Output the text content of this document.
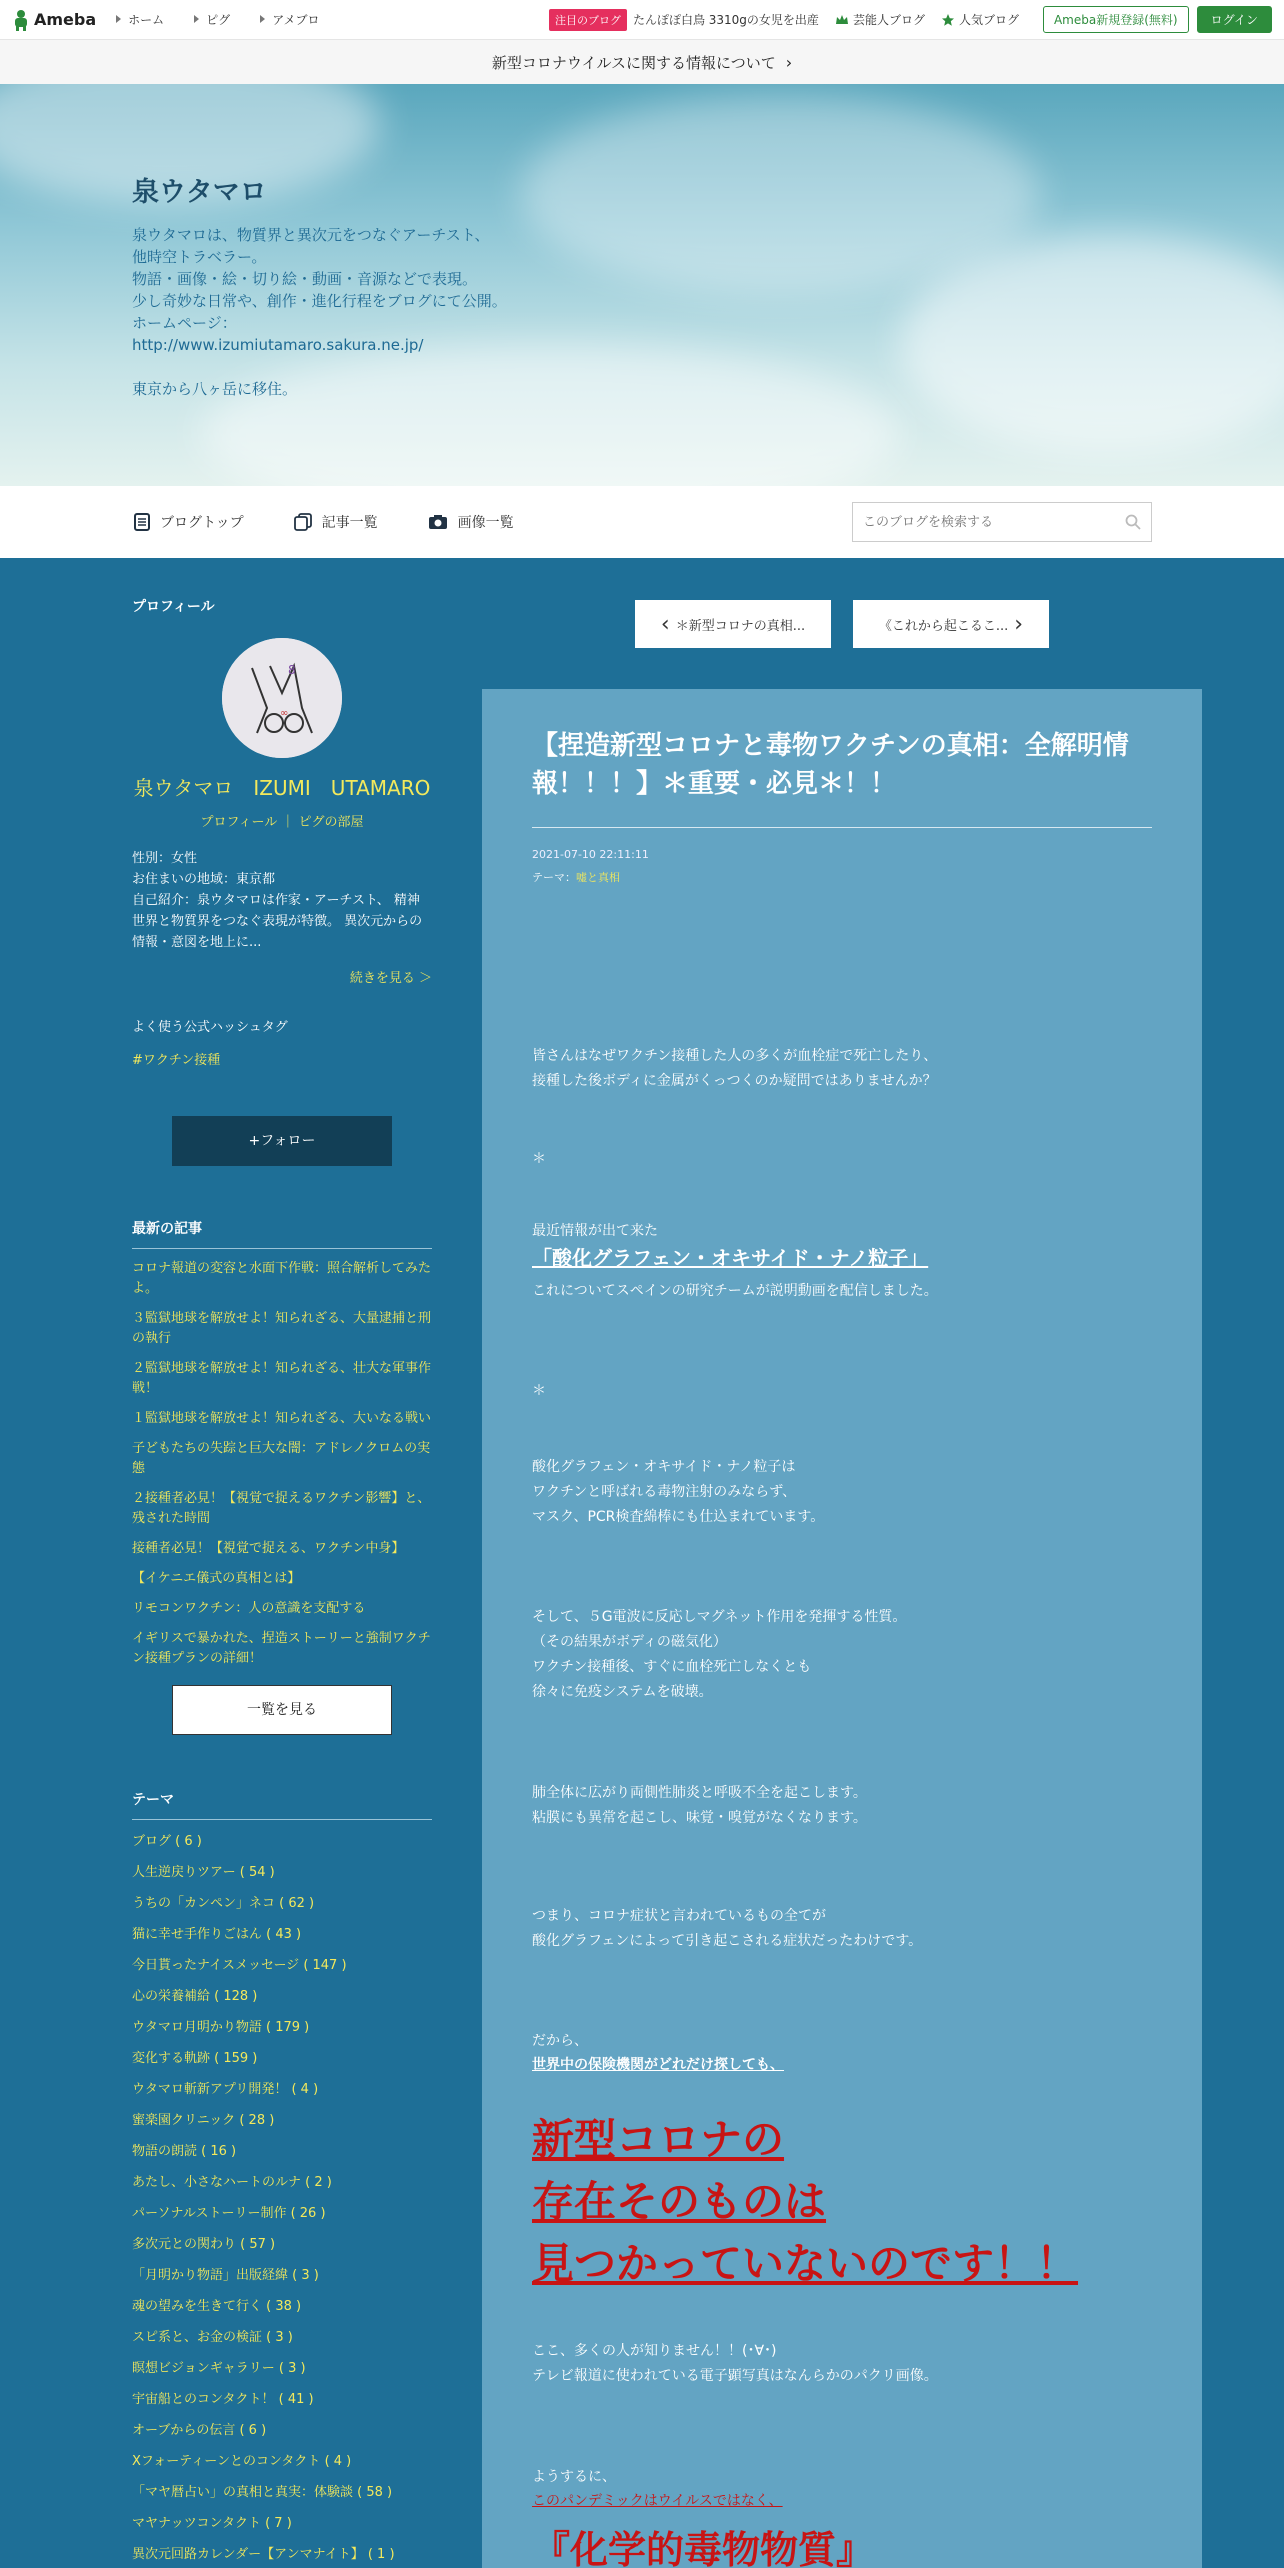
Ameba	ホーム	ピグ	アメブロ	注目のブログ	たんぽぽ白鳥 3310gの女児を出産	芸能人ブログ	人気ブログ	Ameba新規登録(無料)	ログイン
新型コロナウイルスに関する情報について ›
泉ウタマロ
泉ウタマロは、物質界と異次元をつなぐアーチスト、
他時空トラベラー。
物語・画像・絵・切り絵・動画・音源などで表現。
少し奇妙な日常や、創作・進化行程をブログにて公開。
ホームページ：
http://www.izumiutamaro.sakura.ne.jp/

東京から八ヶ岳に移住。
ブログトップ	記事一覧	画像一覧
このブログを検索する
プロフィール
8
∞
泉ウタマロ　IZUMI　UTAMARO
プロフィール ｜ ピグの部屋
性別：女性
お住まいの地域：東京都
自己紹介：泉ウタマロは作家・アーチスト、 精神世界と物質界をつなぐ表現が特徴。 異次元からの情報・意図を地上に...
続きを見る ＞
よく使う公式ハッシュタグ
#ワクチン接種
+フォロー
最新の記事
コロナ報道の変容と水面下作戦：照合解析してみたよ。
３監獄地球を解放せよ！知られざる、大量逮捕と刑の執行
２監獄地球を解放せよ！知られざる、壮大な軍事作戦！
１監獄地球を解放せよ！知られざる、大いなる戦い
子どもたちの失踪と巨大な闇：アドレノクロムの実態
２接種者必見！【視覚で捉えるワクチン影響】と、残された時間
接種者必見！【視覚で捉える、ワクチン中身】
【イケニエ儀式の真相とは】
リモコンワクチン：人の意識を支配する
イギリスで暴かれた、捏造ストーリーと強制ワクチン接種プランの詳細！
一覧を見る
テーマ
ブログ ( 6 )
人生逆戻りツアー ( 54 )
うちの「カンペン」ネコ ( 62 )
猫に幸せ手作りごはん ( 43 )
今日貰ったナイスメッセージ ( 147 )
心の栄養補給 ( 128 )
ウタマロ月明かり物語 ( 179 )
変化する軌跡 ( 159 )
ウタマロ斬新アプリ開発！ ( 4 )
蜜楽園クリニック ( 28 )
物語の朗読 ( 16 )
あたし、小さなハートのルナ ( 2 )
パーソナルストーリー制作 ( 26 )
多次元との関わり ( 57 )
「月明かり物語」出版経緯 ( 3 )
魂の望みを生きて行く ( 38 )
スピ系と、お金の検証 ( 3 )
瞑想ビジョンギャラリー ( 3 )
宇宙船とのコンタクト！ ( 41 )
オーブからの伝言 ( 6 )
Xフォーティーンとのコンタクト ( 4 )
「マヤ暦占い」の真相と真実：体験談 ( 58 )
マヤナッツコンタクト ( 7 )
異次元回路カレンダー【アンマナイト】 ( 1 )
‹ ＊新型コロナの真相...	《これから起こるこ... ›
【捏造新型コロナと毒物ワクチンの真相：全解明情報！！！】＊重要・必見＊！！
2021-07-10 22:11:11
テーマ：嘘と真相
皆さんはなぜワクチン接種した人の多くが血栓症で死亡したり、
接種した後ボディに金属がくっつくのか疑問ではありませんか？
＊
最近情報が出て来た
「酸化グラフェン・オキサイド・ナノ粒子」
これについてスペインの研究チームが説明動画を配信しました。
＊
酸化グラフェン・オキサイド・ナノ粒子は
ワクチンと呼ばれる毒物注射のみならず、
マスク、PCR検査綿棒にも仕込まれています。
そして、５G電波に反応しマグネット作用を発揮する性質。
（その結果がボディの磁気化）
ワクチン接種後、すぐに血栓死亡しなくとも
徐々に免疫システムを破壊。
肺全体に広がり両側性肺炎と呼吸不全を起こします。
粘膜にも異常を起こし、味覚・嗅覚がなくなります。
つまり、コロナ症状と言われているもの全てが
酸化グラフェンによって引き起こされる症状だったわけです。
だから、
世界中の保険機関がどれだけ探しても、
新型コロナの
存在そのものは
見つかっていないのです！！
ここ、多くの人が知りません！！(･∀･)
テレビ報道に使われている電子顕写真はなんらかのパクリ画像。
ようするに、
このパンデミックはウイルスではなく、
『化学的毒物物質』
